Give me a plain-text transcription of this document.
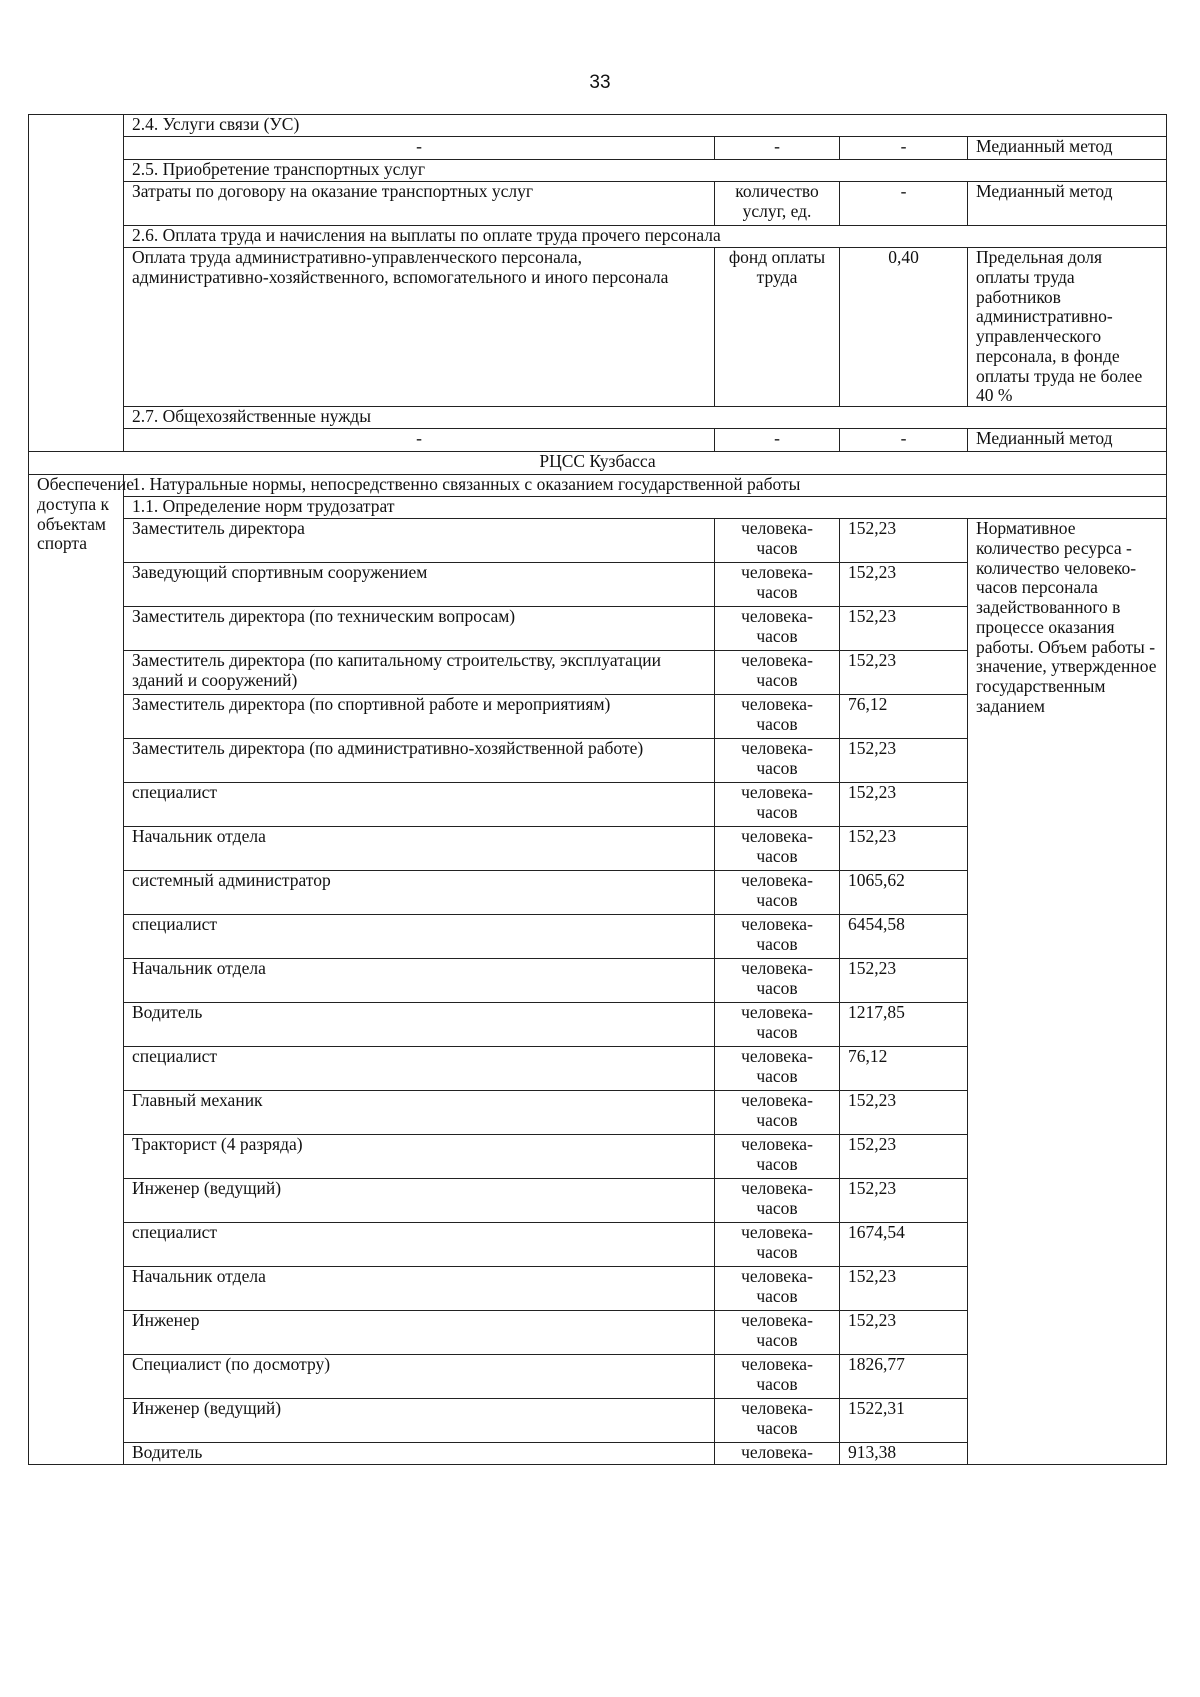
33
	2.4. Услуги связи (УС)			
	-	-	-	Медианный метод
	2.5. Приобретение транспортных услуг			
	Затраты по договору на оказание транспортных услуг	количество услуг, ед.	-	Медианный метод
	2.6. Оплата труда и начисления на выплаты по оплате труда прочего персонала			
	Оплата труда административно-управленческого персонала, административно-хозяйственного, вспомогательного и иного персонала	фонд оплаты труда	0,40	Предельная доля оплаты труда работников административно-управленческого персонала, в фонде оплаты труда не более 40 %
	2.7. Общехозяйственные нужды			
	-	-	-	Медианный метод
РЦСС Кузбасса				
Обеспечение доступа к объектам спорта	1. Натуральные нормы, непосредственно связанных с оказанием государственной работы			
	1.1. Определение норм трудозатрат			
	Заместитель директора	человека-часов	152,23	Нормативное количество ресурса - количество человеко-часов персонала задействованного в процессе оказания работы. Объем работы - значение, утвержденное государственным заданием
	Заведующий спортивным сооружением	человека-часов	152,23	
	Заместитель директора (по техническим вопросам)	человека-часов	152,23	
	Заместитель директора (по капитальному строительству, эксплуатации зданий и сооружений)	человека-часов	152,23	
	Заместитель директора (по спортивной работе и мероприятиям)	человека-часов	76,12	
	Заместитель директора (по административно-хозяйственной работе)	человека-часов	152,23	
	специалист	человека-часов	152,23	
	Начальник отдела	человека-часов	152,23	
	системный администратор	человека-часов	1065,62	
	специалист	человека-часов	6454,58	
	Начальник отдела	человека-часов	152,23	
	Водитель	человека-часов	1217,85	
	специалист	человека-часов	76,12	
	Главный механик	человека-часов	152,23	
	Тракторист (4 разряда)	человека-часов	152,23	
	Инженер (ведущий)	человека-часов	152,23	
	специалист	человека-часов	1674,54	
	Начальник отдела	человека-часов	152,23	
	Инженер	человека-часов	152,23	
	Специалист (по досмотру)	человека-часов	1826,77	
	Инженер (ведущий)	человека-часов	1522,31	
	Водитель	человека-	913,38	
